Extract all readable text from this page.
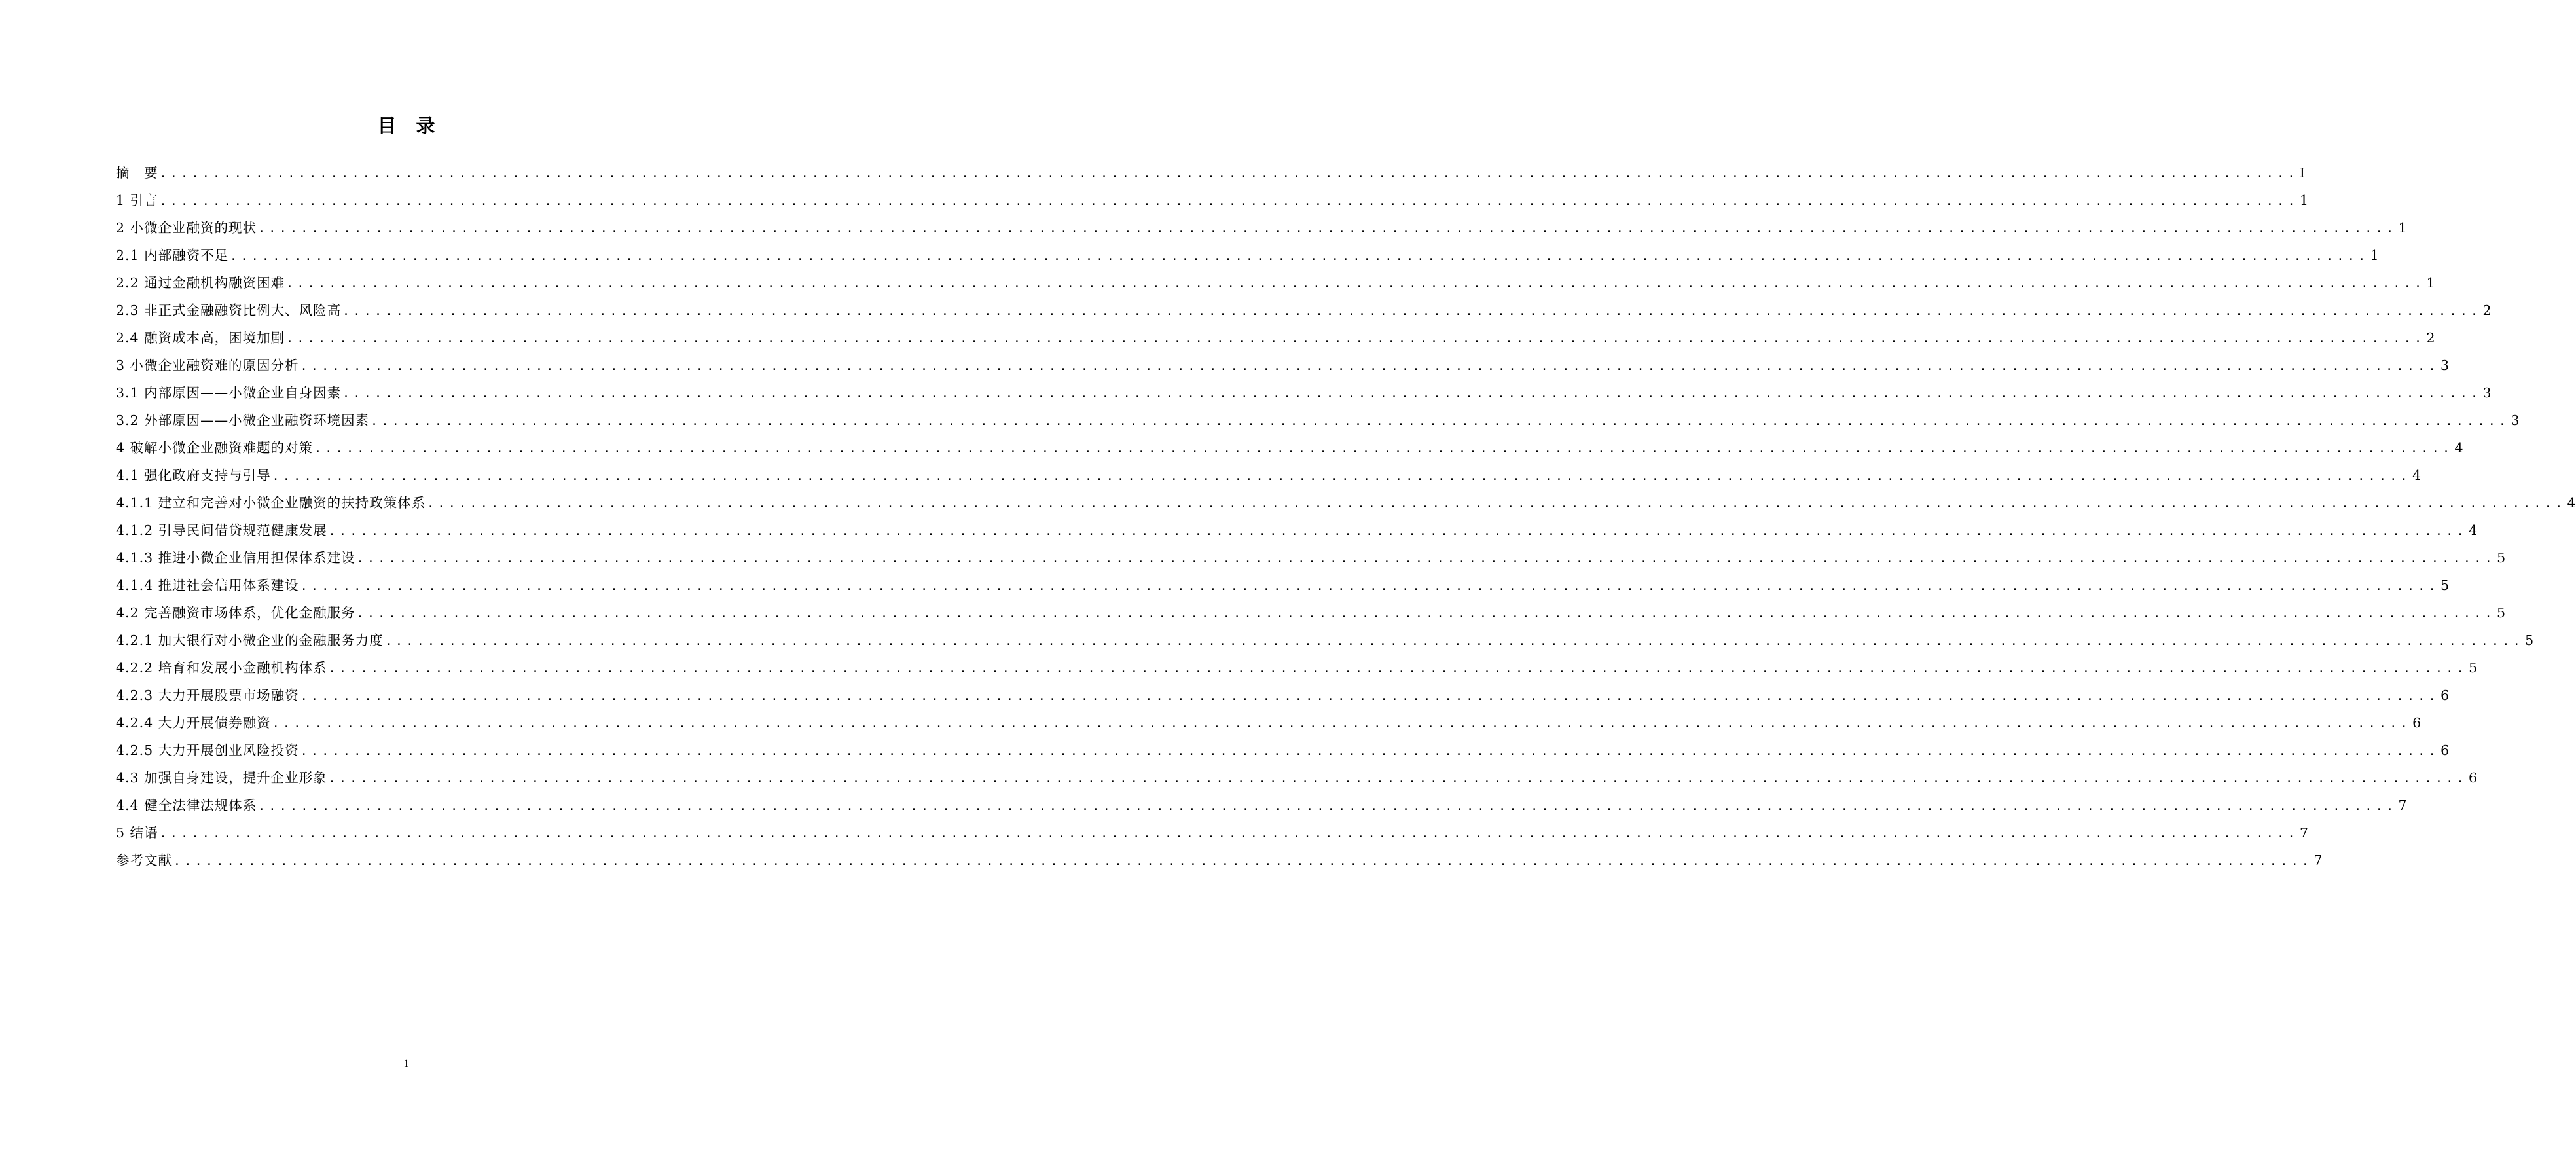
目录
摘　要 ........................................................................................................................................................................................................ I
1 引言 ........................................................................................................................................................................................................ 1
2 小微企业融资的现状 ........................................................................................................................................................................................................ 1
2.1 内部融资不足 ........................................................................................................................................................................................................ 1
2.2 通过金融机构融资困难 ........................................................................................................................................................................................................ 1
2.3 非正式金融融资比例大、风险高 ........................................................................................................................................................................................................ 2
2.4 融资成本高，困境加剧 ........................................................................................................................................................................................................ 2
3 小微企业融资难的原因分析 ........................................................................................................................................................................................................ 3
3.1 内部原因——小微企业自身因素 ........................................................................................................................................................................................................ 3
3.2 外部原因——小微企业融资环境因素 ........................................................................................................................................................................................................ 3
4 破解小微企业融资难题的对策 ........................................................................................................................................................................................................ 4
4.1 强化政府支持与引导 ........................................................................................................................................................................................................ 4
4.1.1 建立和完善对小微企业融资的扶持政策体系 ........................................................................................................................................................................................................ 4
4.1.2 引导民间借贷规范健康发展 ........................................................................................................................................................................................................ 4
4.1.3 推进小微企业信用担保体系建设 ........................................................................................................................................................................................................ 5
4.1.4 推进社会信用体系建设 ........................................................................................................................................................................................................ 5
4.2 完善融资市场体系，优化金融服务 ........................................................................................................................................................................................................ 5
4.2.1 加大银行对小微企业的金融服务力度 ........................................................................................................................................................................................................ 5
4.2.2 培育和发展小金融机构体系 ........................................................................................................................................................................................................ 5
4.2.3 大力开展股票市场融资 ........................................................................................................................................................................................................ 6
4.2.4 大力开展债券融资 ........................................................................................................................................................................................................ 6
4.2.5 大力开展创业风险投资 ........................................................................................................................................................................................................ 6
4.3 加强自身建设，提升企业形象 ........................................................................................................................................................................................................ 6
4.4 健全法律法规体系 ........................................................................................................................................................................................................ 7
5 结语 ........................................................................................................................................................................................................ 7
参考文献 ........................................................................................................................................................................................................ 7
1
